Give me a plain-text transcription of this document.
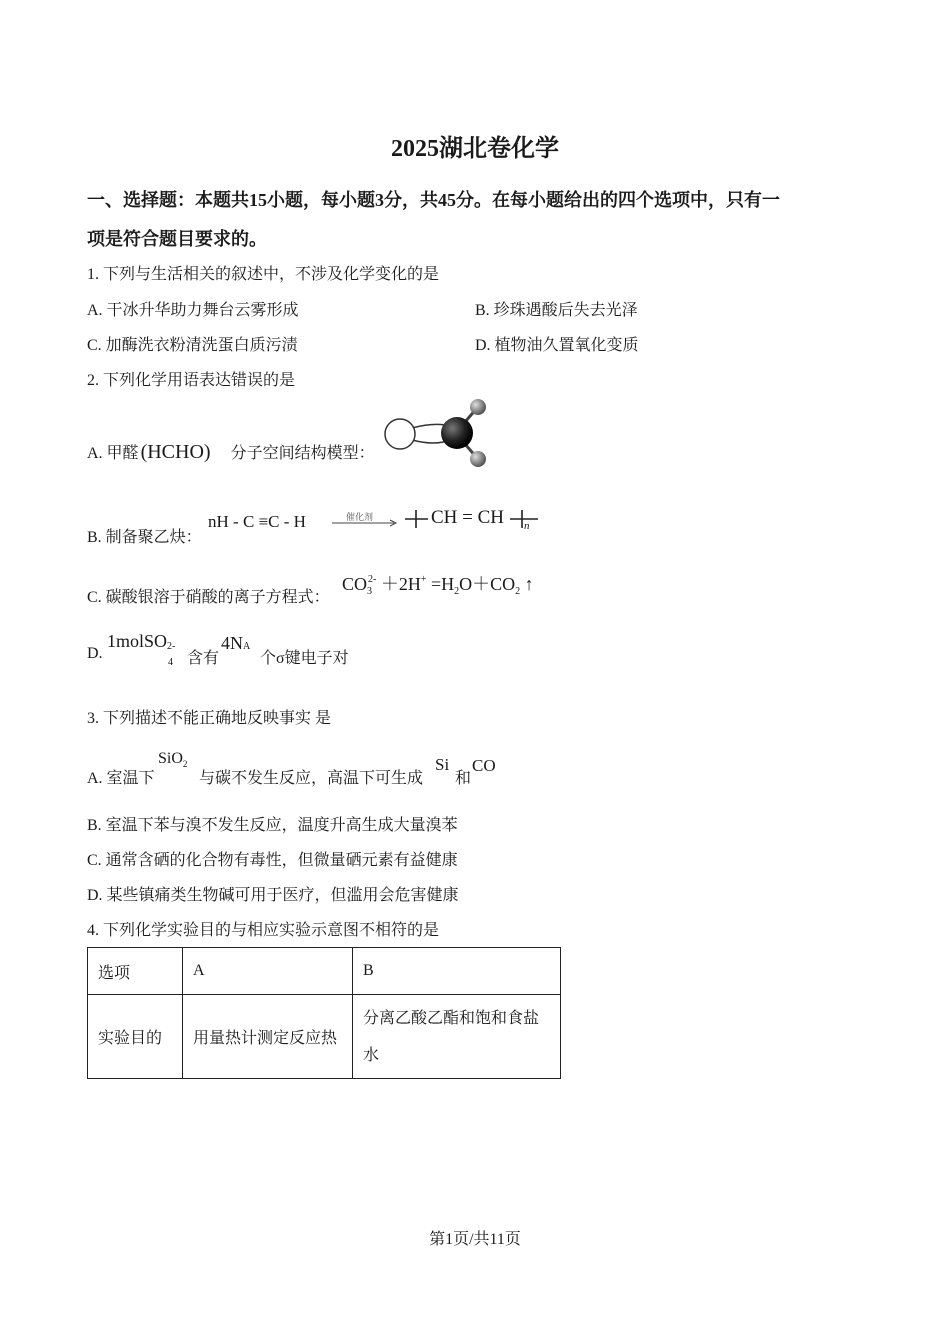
2025湖北卷化学
一、选择题：本题共15小题，每小题3分，共45分。在每小题给出的四个选项中，只有一
项是符合题目要求的。
1. 下列与生活相关的叙述中，不涉及化学变化的是
A. 干冰升华助力舞台云雾形成	B. 珍珠遇酸后失去光泽
C. 加酶洗衣粉清洗蛋白质污渍	D. 植物油久置氧化变质
2. 下列化学用语表达错误的是
A. 甲醛 (HCHO) 分子空间结构模型：
B. 制备聚乙炔：
nH - C ≡C - H	催化剂	CH = CH n
C. 碳酸银溶于硝酸的离子方程式：
$CO_3^{2-} +2H^+ =H_2O+CO_2$ ↑
D.
1molSO 2-
4 含有
4NA
个σ键电子对
3. 下列描述不能正确地反映事实 是
A. 室温下
SiO$_2$
与碳不发生反应，高温下可生成
Si
和
CO
B. 室温下苯与溴不发生反应，温度升高生成大量溴苯
C. 通常含硒的化合物有毒性，但微量硒元素有益健康
D. 某些镇痛类生物碱可用于医疗，但滥用会危害健康
4. 下列化学实验目的与相应实验示意图不相符的是
选项	A	B
实验目的	用量热计测定反应热	分离乙酸乙酯和饱和食盐
水
第1页/共11页
